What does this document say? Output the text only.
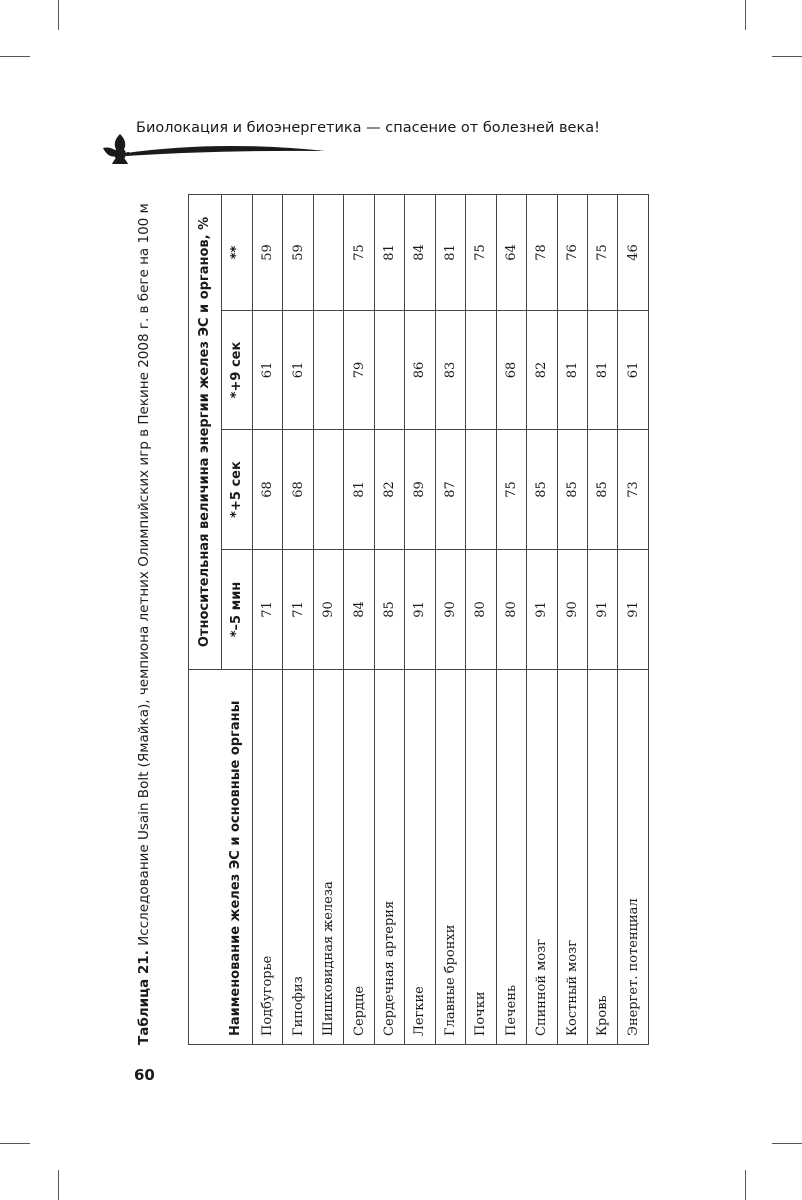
Биолокация и биоэнергетика — спасение от болезней века!
Таблица 21. Исследование Usain Bolt (Ямайка), чемпиона летних Олимпийских игр в Пекине 2008 г. в беге на 100 м	Наименование желез ЭС и основные органы	Относительная величина энергии желез ЭС и органов, %			
	*–5 мин	*+5 сек	*+9 сек	**
Подбугорье	71	68	61	59
Гипофиз	71	68	61	59
Шишковидная железа	90			
Сердце	84	81	79	75
Сердечная артерия	85	82		81
Легкие	91	89	86	84
Главные бронхи	90	87	83	81
Почки	80			75
Печень	80	75	68	64
Спинной мозг	91	85	82	78
Костный мозг	90	85	81	76
Кровь	91	85	81	75
Энергет. потенциал	91	73	61	46
60
